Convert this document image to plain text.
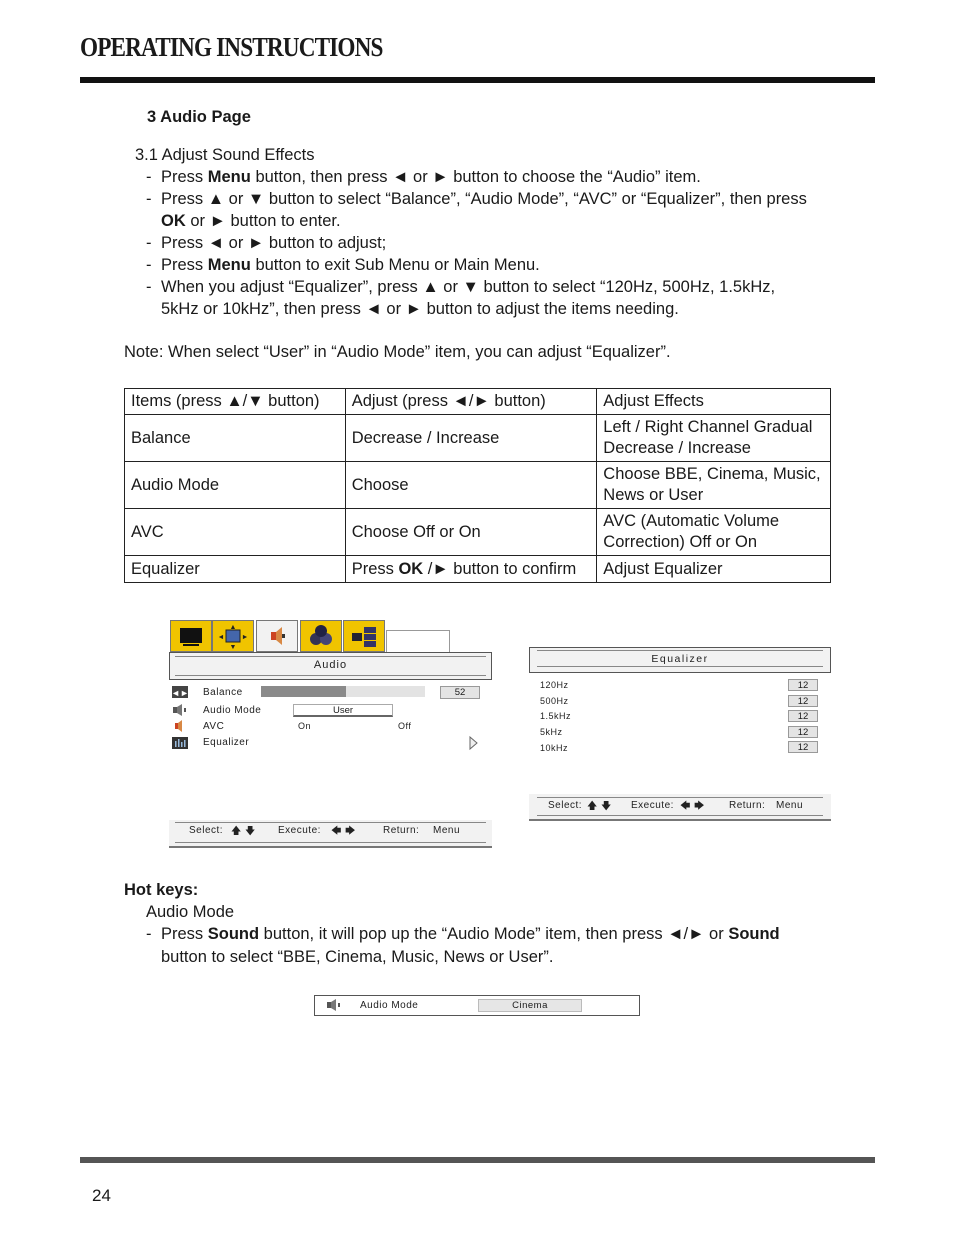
OPERATING INSTRUCTIONS
3 Audio Page
3.1 Adjust Sound Effects
- Press Menu button, then press ◄ or ► button to choose the “Audio” item.
- Press ▲ or ▼ button to select “Balance”, “Audio Mode”, “AVC” or “Equalizer”, then press
OK or ► button to enter.
- Press ◄ or ► button to adjust;
- Press Menu button to exit Sub Menu or Main Menu.
- When you adjust “Equalizer”, press ▲ or ▼ button to select “120Hz, 500Hz, 1.5kHz,
5kHz or 10kHz”, then press ◄ or ► button to adjust the items needing.
Note: When select “User” in “Audio Mode” item, you can adjust “Equalizer”.
Items (press ▲/▼ button)	Adjust (press ◄/► button)	Adjust Effects
Balance	Decrease / Increase	Left / Right Channel Gradual Decrease / Increase
Audio Mode	Choose	Choose BBE, Cinema, Music, News or User
AVC	Choose Off or On	AVC (Automatic Volume Correction) Off or On
Equalizer	Press OK /► button to confirm	Adjust Equalizer
▲
▼
◄ ►
Audio
◄► Balance	52
Audio Mode	User
AVC	On	Off
Equalizer
Select: 🡅 🡇 Execute: 🡄 🡆	Return: Menu
Equalizer
120Hz	12
500Hz	12
1.5kHz	12
5kHz	12
10kHz	12
Select: 🡅 🡇 Execute: 🡄 🡆 Return: Menu
Hot keys:
Audio Mode
- Press Sound button, it will pop up the “Audio Mode” item, then press ◄/► or Sound
button to select “BBE, Cinema, Music, News or User”.
Audio Mode	Cinema
24
